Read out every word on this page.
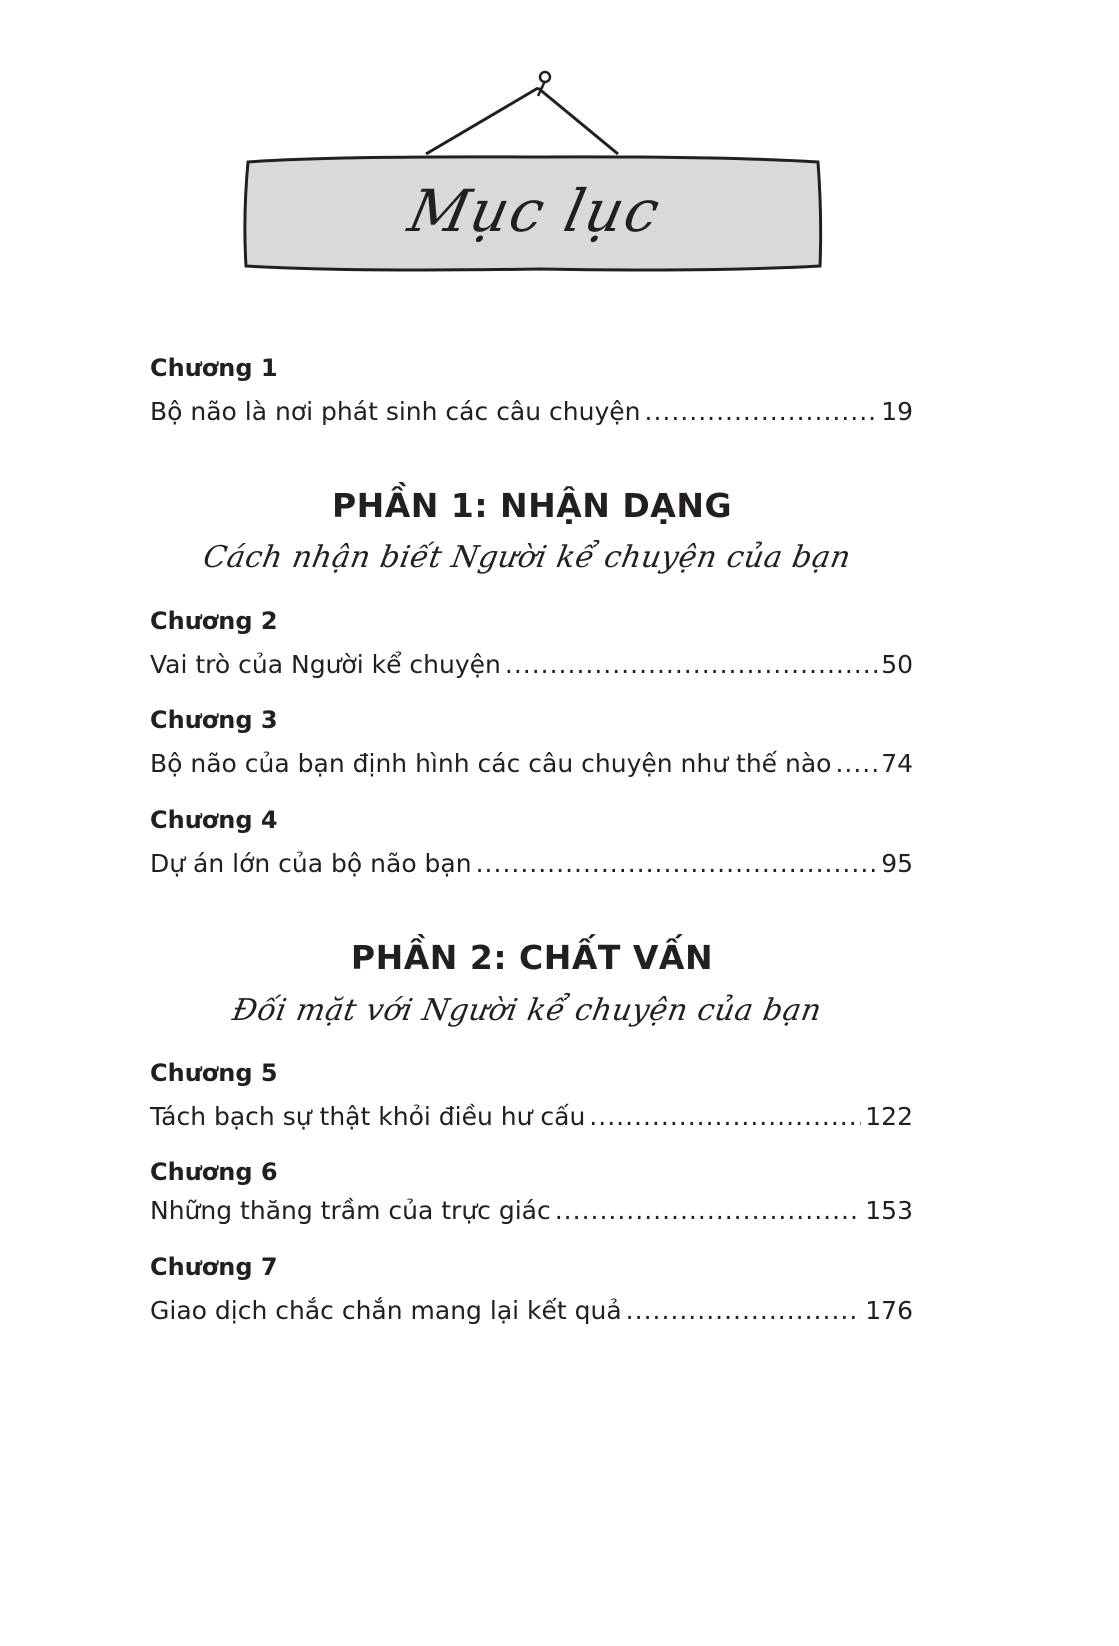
Mục lục
Chương 1
Bộ não là nơi phát sinh các câu chuyện .....	19
PHẦN 1: NHẬN DẠNG
Cách nhận biết Người kể chuyện của bạn
Chương 2
Vai trò của Người kể chuyện .....	50
Chương 3
Bộ não của bạn định hình các câu chuyện như thế nào ..... 74
Chương 4
Dự án lớn của bộ não bạn .....	95
PHẦN 2: CHẤT VẤN
Đối mặt với Người kể chuyện của bạn
Chương 5
Tách bạch sự thật khỏi điều hư cấu .....	122
Chương 6
Những thăng trầm của trực giác .....	153
Chương 7
Giao dịch chắc chắn mang lại kết quả .....	176
